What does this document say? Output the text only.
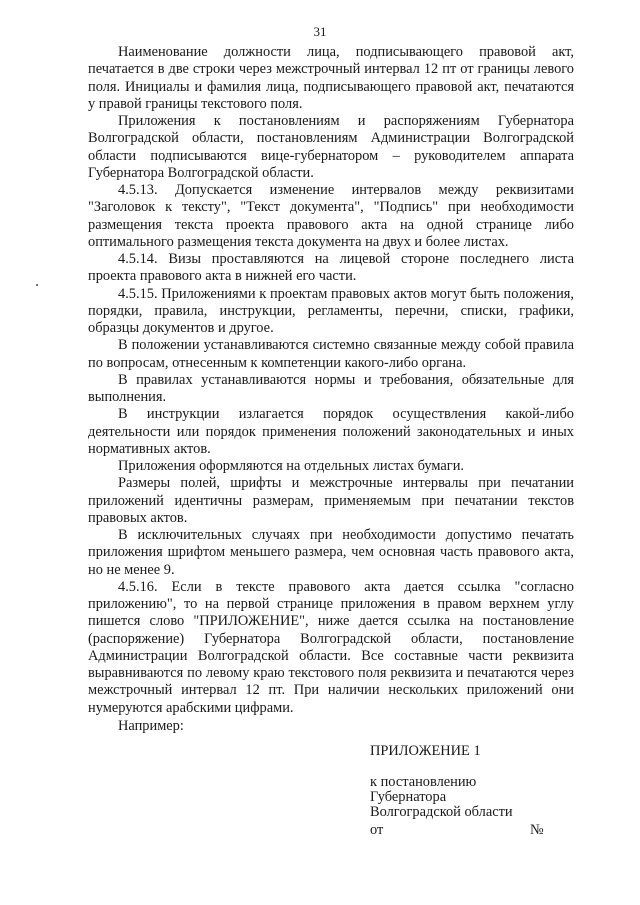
31

Наименование должности лица, подписывающего правовой акт, печатается в две строки через межстрочный интервал 12 пт от границы левого поля. Инициалы и фамилия лица, подписывающего правовой акт, печатаются у правой границы текстового поля.

Приложения к постановлениям и распоряжениям Губернатора Волгоградской области, постановлениям Администрации Волгоградской области подписываются вице-губернатором – руководителем аппарата Губернатора Волгоградской области.

4.5.13. Допускается изменение интервалов между реквизитами "Заголовок к тексту", "Текст документа", "Подпись" при необходимости размещения текста проекта правового акта на одной странице либо оптимального размещения текста документа на двух и более листах.

4.5.14. Визы проставляются на лицевой стороне последнего листа проекта правового акта в нижней его части.

4.5.15. Приложениями к проектам правовых актов могут быть положения, порядки, правила, инструкции, регламенты, перечни, списки, графики, образцы документов и другое.

В положении устанавливаются системно связанные между собой правила по вопросам, отнесенным к компетенции какого-либо органа.

В правилах устанавливаются нормы и требования, обязательные для выполнения.

В инструкции излагается порядок осуществления какой-либо деятельности или порядок применения положений законодательных и иных нормативных актов.

Приложения оформляются на отдельных листах бумаги.

Размеры полей, шрифты и межстрочные интервалы при печатании приложений идентичны размерам, применяемым при печатании текстов правовых актов.

В исключительных случаях при необходимости допустимо печатать приложения шрифтом меньшего размера, чем основная часть правового акта, но не менее 9.

4.5.16. Если в тексте правового акта дается ссылка "согласно приложению", то на первой странице приложения в правом верхнем углу пишется слово "ПРИЛОЖЕНИЕ", ниже дается ссылка на постановление (распоряжение) Губернатора Волгоградской области, постановление Администрации Волгоградской области. Все составные части реквизита выравниваются по левому краю текстового поля реквизита и печатаются через межстрочный интервал 12 пт. При наличии нескольких приложений они нумеруются арабскими цифрами.

Например:
ПРИЛОЖЕНИЕ 1
к постановлению
Губернатора
Волгоградской области
от	№
